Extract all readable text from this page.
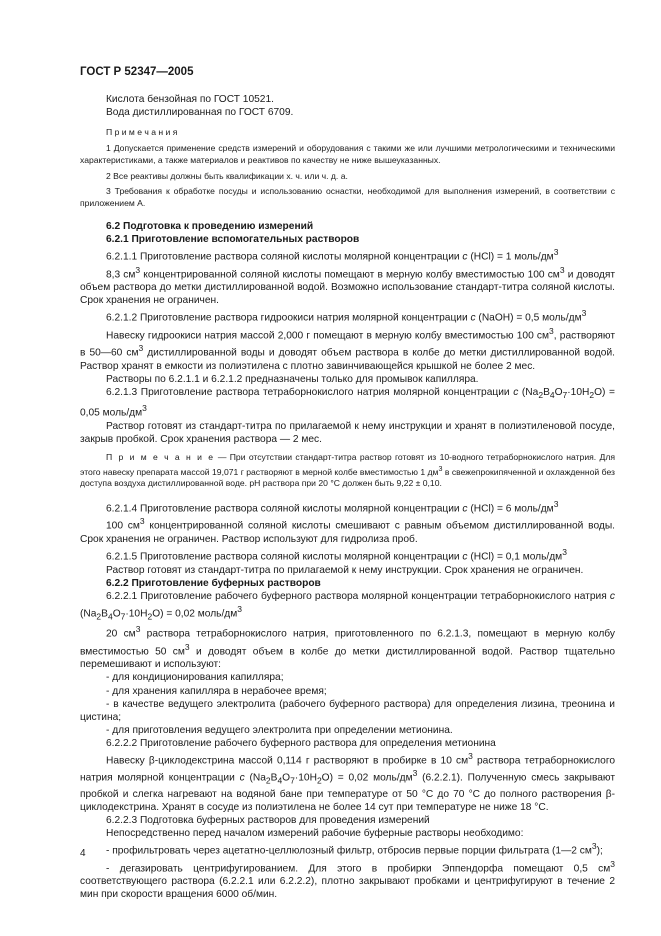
ГОСТ Р 52347—2005

Кислота бензойная по ГОСТ 10521.

Вода дистиллированная по ГОСТ 6709.

П р и м е ч а н и я

1 Допускается применение средств измерений и оборудования с такими же или лучшими метрологическими и техническими характеристиками, а также материалов и реактивов по качеству не ниже вышеуказанных.

2 Все реактивы должны быть квалификации х. ч. или ч. д. а.

3 Требования к обработке посуды и использованию оснастки, необходимой для выполнения измерений, в соответствии с приложением А.

6.2 Подготовка к проведению измерений

6.2.1 Приготовление вспомогательных растворов

6.2.1.1 Приготовление раствора соляной кислоты молярной концентрации c (HCl) = 1 моль/$дм^3$

8,3 $см^3$ концентрированной соляной кислоты помещают в мерную колбу вместимостью 100 $см^3$ и доводят объем раствора до метки дистиллированной водой. Возможно использование стандарт-титра соляной кислоты. Срок хранения не ограничен.

6.2.1.2 Приготовление раствора гидроокиси натрия молярной концентрации c (NaOH) = 0,5 моль/$дм^3$

Навеску гидроокиси натрия массой 2,000 г помещают в мерную колбу вместимостью 100 $см^3$, растворяют в 50—60 $см^3$ дистиллированной воды и доводят объем раствора в колбе до метки дистиллированной водой. Раствор хранят в емкости из полиэтилена с плотно завинчивающейся крышкой не более 2 мес.

Растворы по 6.2.1.1 и 6.2.1.2 предназначены только для промывок капилляра.

6.2.1.3 Приготовление раствора тетраборнокислого натрия молярной концентрации c $(Na_2B_4O_7\cdot 10H_2O) = 0,05$ моль/$дм^3$

Раствор готовят из стандарт-титра по прилагаемой к нему инструкции и хранят в полиэтиленовой посуде, закрыв пробкой. Срок хранения раствора — 2 мес.

П р и м е ч а н и е — При отсутствии стандарт-титра раствор готовят из 10-водного тетраборнокислого натрия. Для этого навеску препарата массой 19,071 г растворяют в мерной колбе вместимостью 1 $дм^3$ в свежепрокипяченной и охлажденной без доступа воздуха дистиллированной воде. pH раствора при 20 °С должен быть 9,22 ± 0,10.

6.2.1.4 Приготовление раствора соляной кислоты молярной концентрации c (HCl) = 6 моль/$дм^3$

100 $см^3$ концентрированной соляной кислоты смешивают с равным объемом дистиллированной воды. Срок хранения не ограничен. Раствор используют для гидролиза проб.

6.2.1.5 Приготовление раствора соляной кислоты молярной концентрации c (HCl) = 0,1 моль/$дм^3$

Раствор готовят из стандарт-титра по прилагаемой к нему инструкции. Срок хранения не ограничен.

6.2.2 Приготовление буферных растворов

6.2.2.1 Приготовление рабочего буферного раствора молярной концентрации тетраборнокислого натрия c $(Na_2B_4O_7\cdot 10H_2O) = 0,02$ моль/$дм^3$

20 $см^3$ раствора тетраборнокислого натрия, приготовленного по 6.2.1.3, помещают в мерную колбу вместимостью 50 $см^3$ и доводят объем в колбе до метки дистиллированной водой. Раствор тщательно перемешивают и используют:

- для кондиционирования капилляра;

- для хранения капилляра в нерабочее время;

- в качестве ведущего электролита (рабочего буферного раствора) для определения лизина, треонина и цистина;

- для приготовления ведущего электролита при определении метионина.

6.2.2.2 Приготовление рабочего буферного раствора для определения метионина

Навеску β-циклодекстрина массой 0,114 г растворяют в пробирке в 10 $см^3$ раствора тетраборнокислого натрия молярной концентрации c $(Na_2B_4O_7\cdot 10H_2O) = 0,02$ моль/$дм^3$ (6.2.2.1). Полученную смесь закрывают пробкой и слегка нагревают на водяной бане при температуре от 50 °С до 70 °С до полного растворения β-циклодекстрина. Хранят в сосуде из полиэтилена не более 14 сут при температуре не ниже 18 °С.

6.2.2.3 Подготовка буферных растворов для проведения измерений

Непосредственно перед началом измерений рабочие буферные растворы необходимо:

- профильтровать через ацетатно-целлюлозный фильтр, отбросив первые порции фильтрата (1—2 $см^3$);

- дегазировать центрифугированием. Для этого в пробирки Эппендорфа помещают 0,5 $см^3$ соответствующего раствора (6.2.2.1 или 6.2.2.2), плотно закрывают пробками и центрифугируют в течение 2 мин при скорости вращения 6000 об/мин.

4
